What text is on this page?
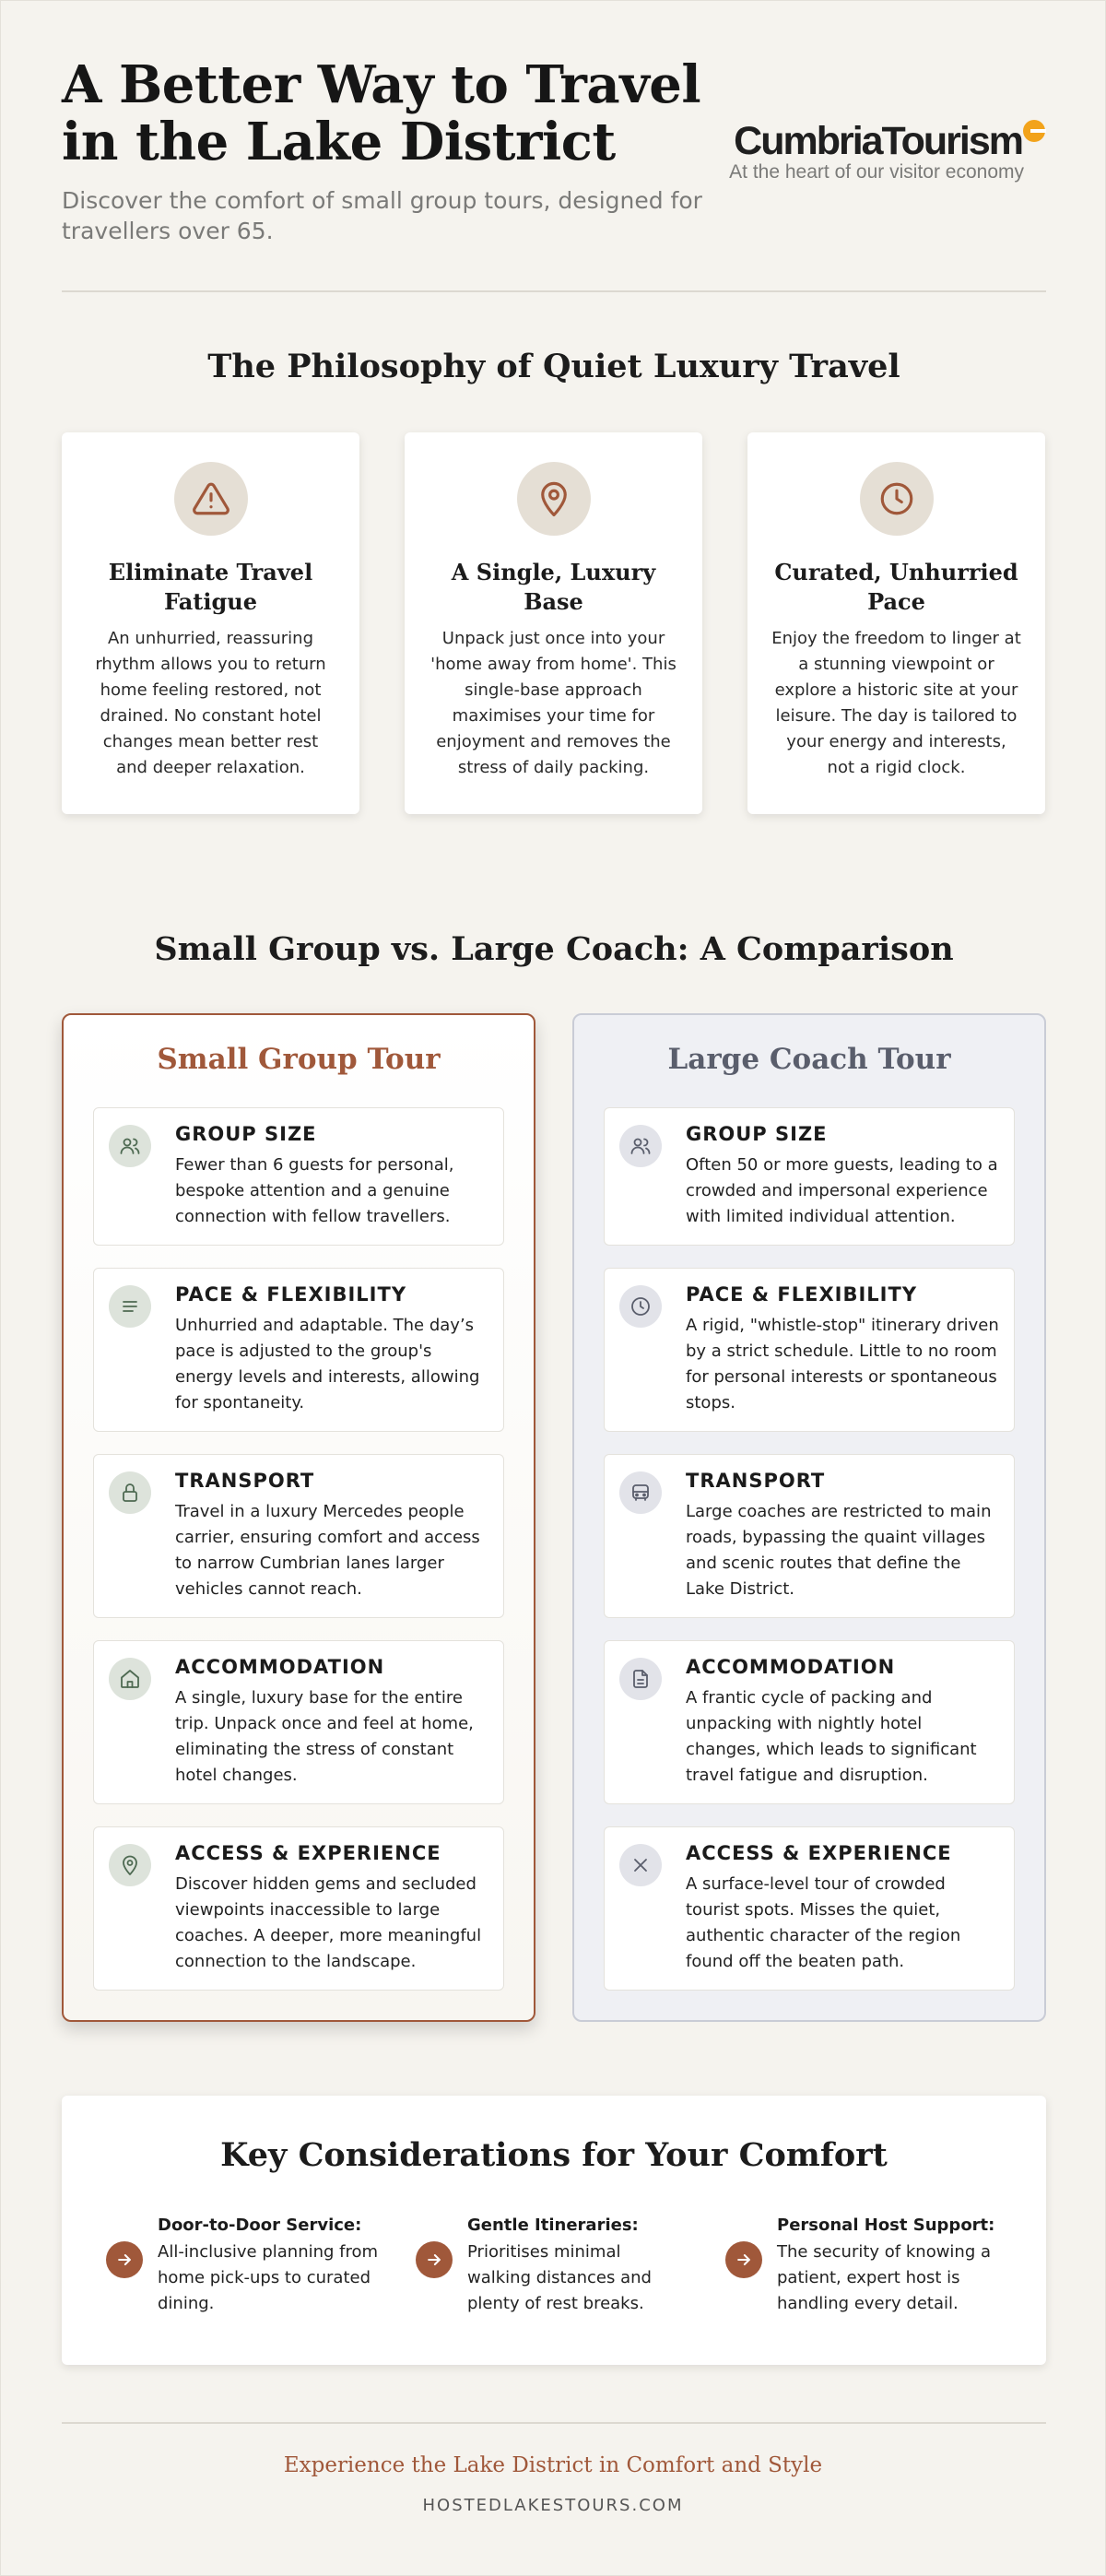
A Better Way to Travel
in the Lake District

Discover the comfort of small group tours, designed for
travellers over 65.

CumbriaTourism
At the heart of our visitor economy
The Philosophy of Quiet Luxury Travel
Eliminate Travel Fatigue

An unhurried, reassuring rhythm allows you to return home feeling restored, not drained. No constant hotel changes mean better rest and deeper relaxation.

A Single, Luxury Base

Unpack just once into your 'home away from home'. This single-base approach maximises your time for enjoyment and removes the stress of daily packing.

Curated, Unhurried Pace

Enjoy the freedom to linger at a stunning viewpoint or explore a historic site at your leisure. The day is tailored to your energy and interests, not a rigid clock.

Small Group vs. Large Coach: A Comparison
Small Group Tour
GROUP SIZE
Fewer than 6 guests for personal, bespoke attention and a genuine connection with fellow travellers.
PACE & FLEXIBILITY
Unhurried and adaptable. The day’s pace is adjusted to the group's energy levels and interests, allowing for spontaneity.
TRANSPORT
Travel in a luxury Mercedes people carrier, ensuring comfort and access to narrow Cumbrian lanes larger vehicles cannot reach.
ACCOMMODATION
A single, luxury base for the entire trip. Unpack once and feel at home, eliminating the stress of constant hotel changes.
ACCESS & EXPERIENCE
Discover hidden gems and secluded viewpoints inaccessible to large coaches. A deeper, more meaningful connection to the landscape.
Large Coach Tour
GROUP SIZE
Often 50 or more guests, leading to a crowded and impersonal experience with limited individual attention.
PACE & FLEXIBILITY
A rigid, "whistle-stop" itinerary driven by a strict schedule. Little to no room for personal interests or spontaneous stops.
TRANSPORT
Large coaches are restricted to main roads, bypassing the quaint villages and scenic routes that define the Lake District.
ACCOMMODATION
A frantic cycle of packing and unpacking with nightly hotel changes, which leads to significant travel fatigue and disruption.
ACCESS & EXPERIENCE
A surface-level tour of crowded tourist spots. Misses the quiet, authentic character of the region found off the beaten path.
Key Considerations for Your Comfort
Door-to-Door Service:
All-inclusive planning from home pick-ups to curated dining.
Gentle Itineraries:
Prioritises minimal walking distances and plenty of rest breaks.
Personal Host Support:
The security of knowing a patient, expert host is handling every detail.
Experience the Lake District in Comfort and Style
HOSTEDLAKESTOURS.COM
